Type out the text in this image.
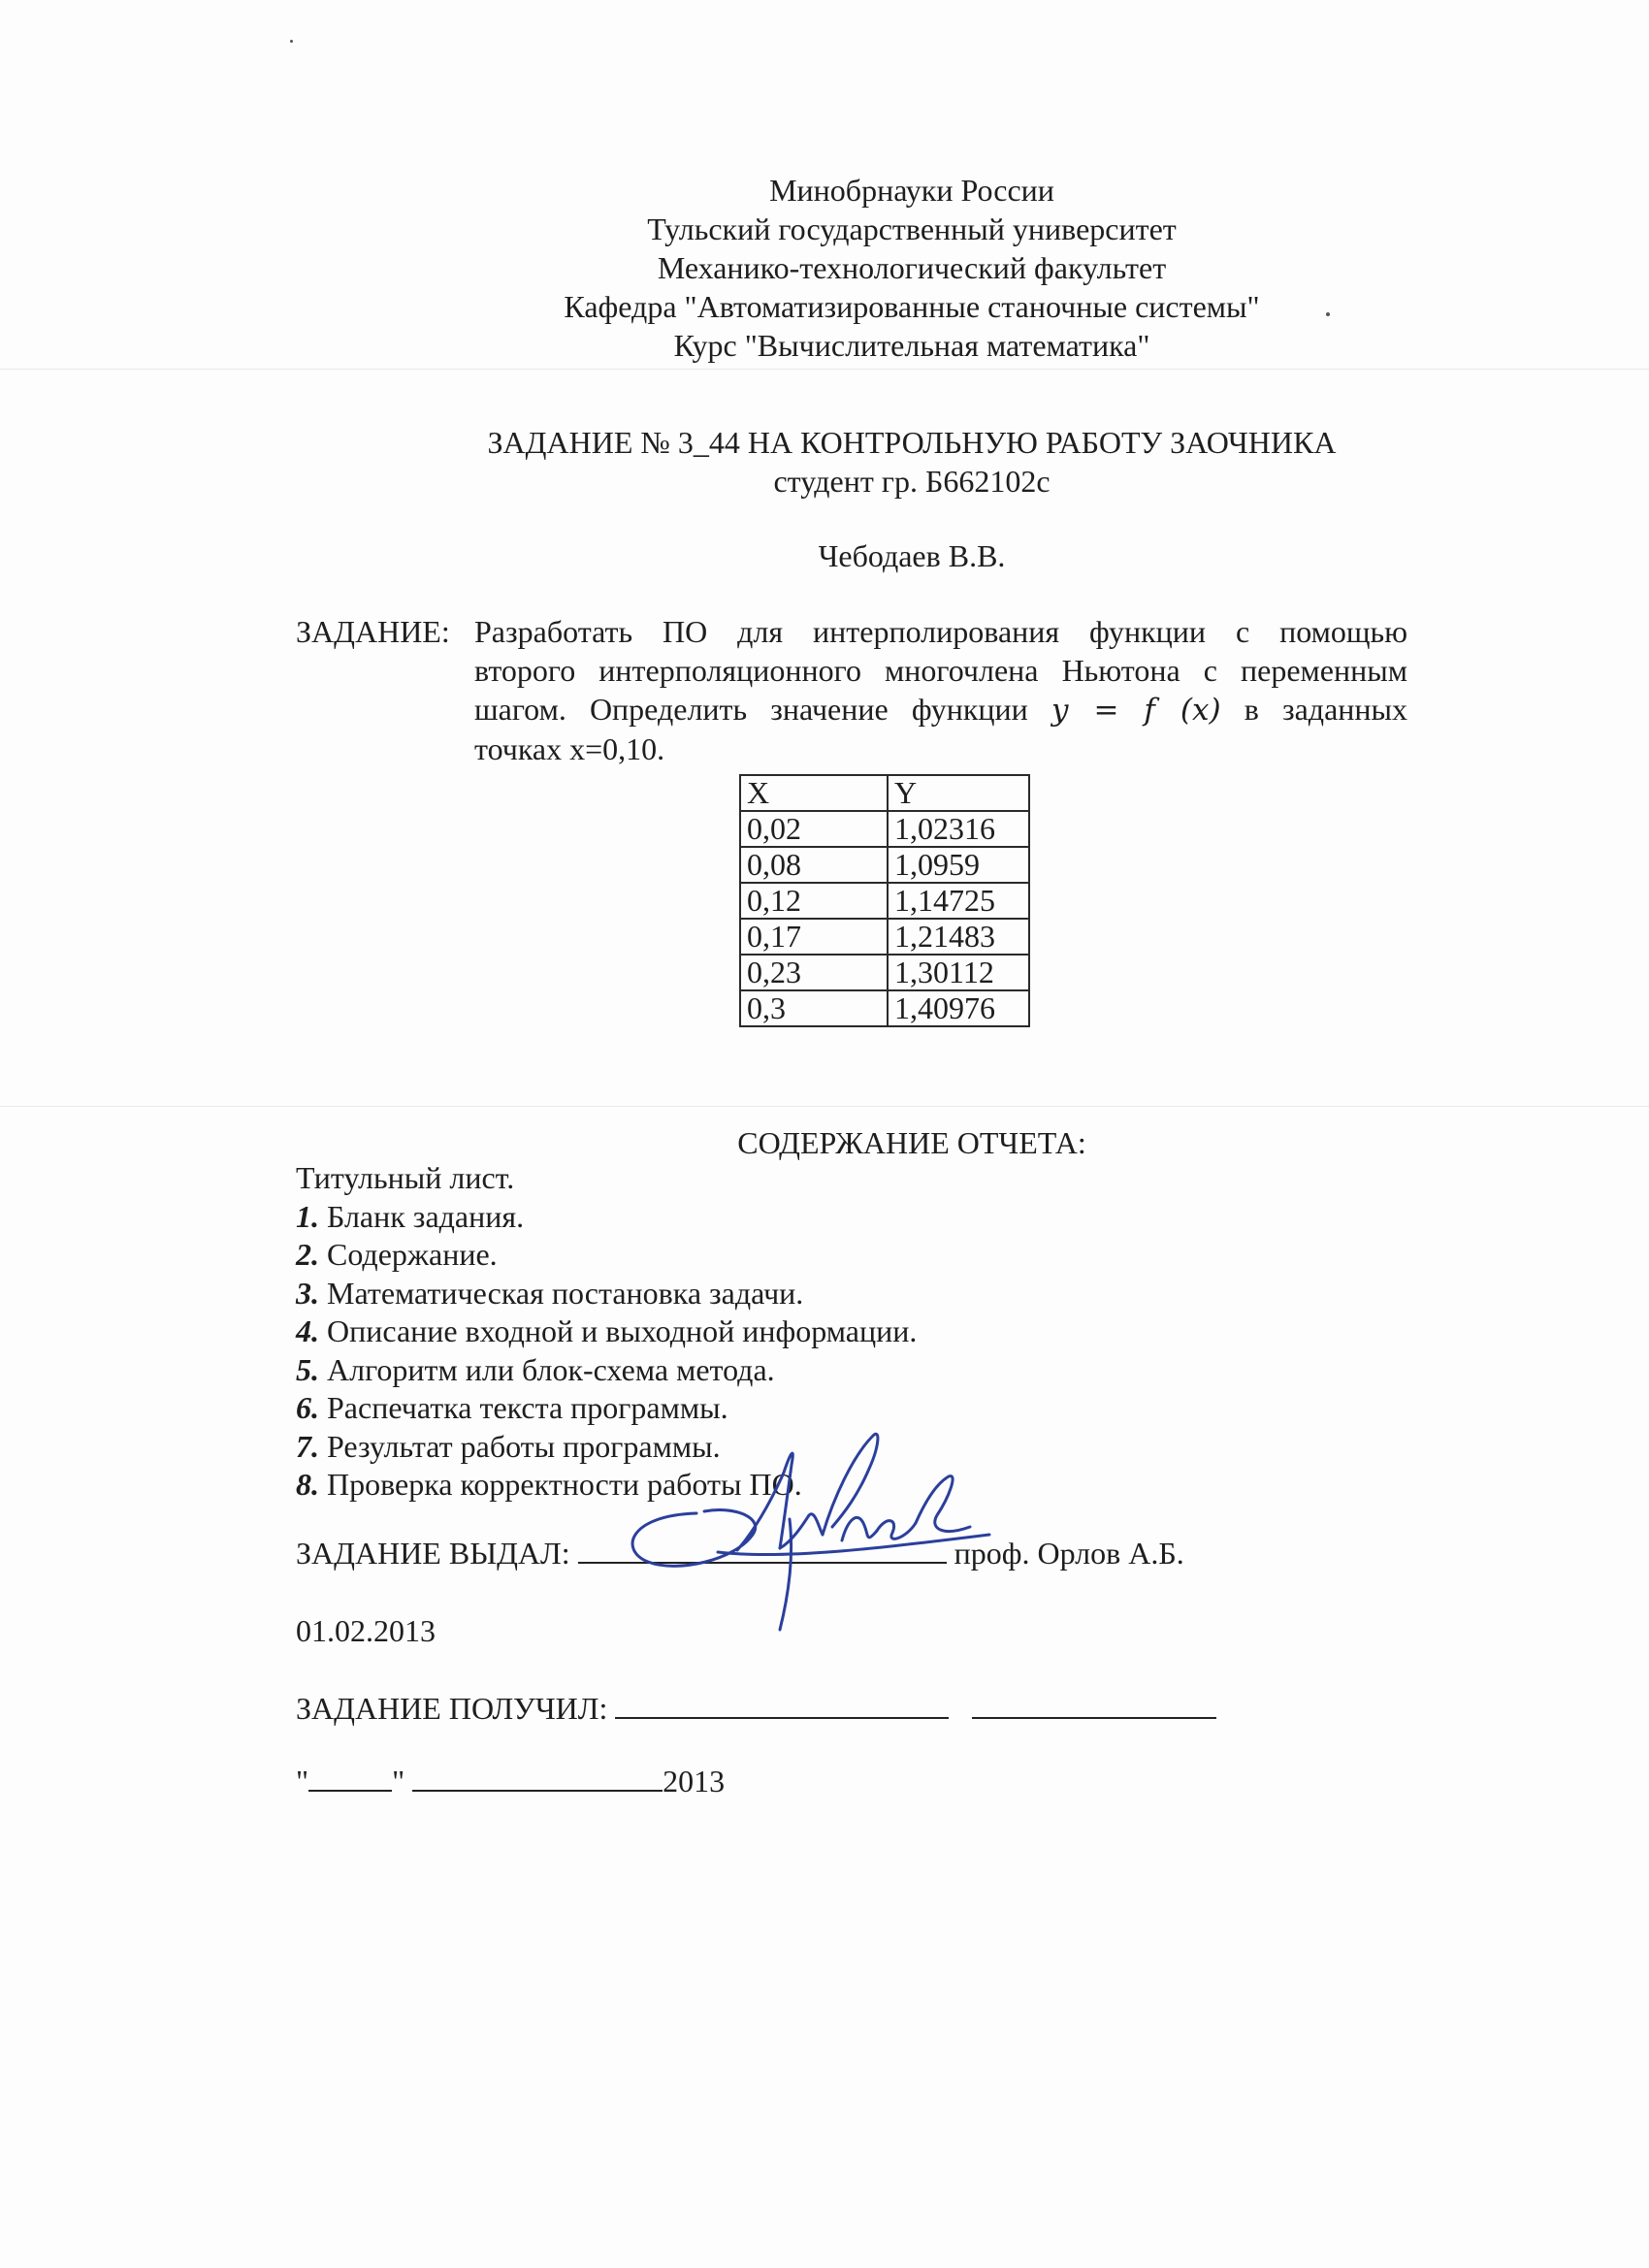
Минобрнауки России
Тульский государственный университет
Механико-технологический факультет
Кафедра "Автоматизированные станочные системы"
Курс "Вычислительная математика"
ЗАДАНИЕ № 3_44 НА КОНТРОЛЬНУЮ РАБОТУ ЗАОЧНИКА
студент гр. Б662102с
Чебодаев В.В.
ЗАДАНИЕ: Разработать ПО для интерполирования функции с помощью
второго интерполяционного многочлена Ньютона с переменным
шагом. Определить значение функции y = f (x) в заданных
точках x=0,10.
X	Y
0,02	1,02316
0,08	1,0959
0,12	1,14725
0,17	1,21483
0,23	1,30112
0,3	1,40976
СОДЕРЖАНИЕ ОТЧЕТА:
Титульный лист.
1. Бланк задания.
2. Содержание.
3. Математическая постановка задачи.
4. Описание входной и выходной информации.
5. Алгоритм или блок-схема метода.
6. Распечатка текста программы.
7. Результат работы программы.
8. Проверка корректности работы ПО.
ЗАДАНИЕ ВЫДАЛ:	проф. Орлов А.Б.
01.02.2013
ЗАДАНИЕ ПОЛУЧИЛ:
"	"	2013
